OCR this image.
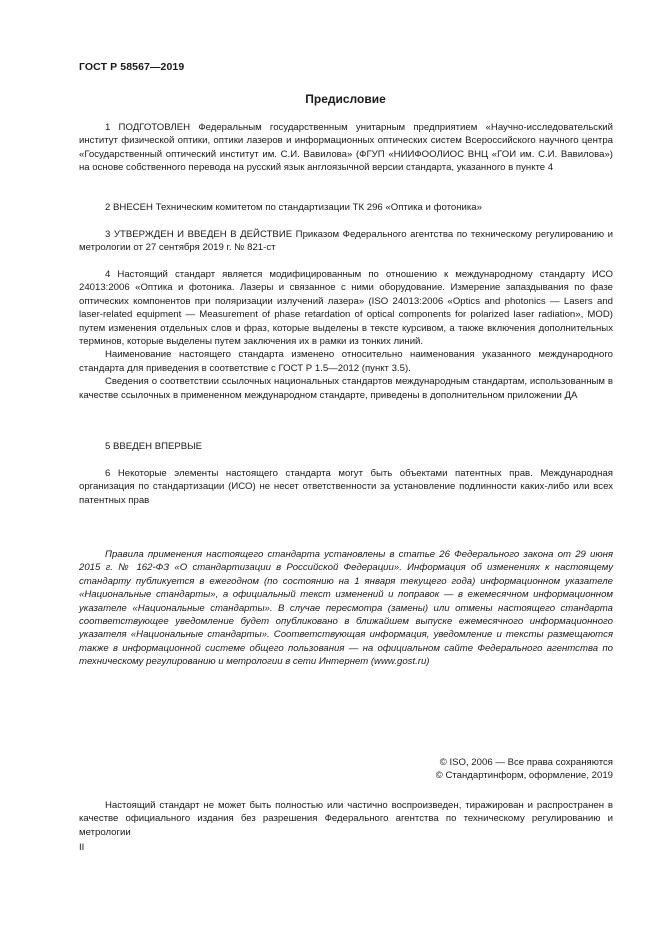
ГОСТ Р 58567—2019
Предисловие

1 ПОДГОТОВЛЕН Федеральным государственным унитарным предприятием «Научно-исследовательский институт физической оптики, оптики лазеров и информационных оптических систем Всероссийского научного центра «Государственный оптический институт им. С.И. Вавилова» (ФГУП «НИИФООЛИОС ВНЦ «ГОИ им. С.И. Вавилова») на основе собственного перевода на русский язык англоязычной версии стандарта, указанного в пункте 4

2 ВНЕСЕН Техническим комитетом по стандартизации ТК 296 «Оптика и фотоника»

3 УТВЕРЖДЕН И ВВЕДЕН В ДЕЙСТВИЕ Приказом Федерального агентства по техническому регулированию и метрологии от 27 сентября 2019 г. № 821-ст

4 Настоящий стандарт является модифицированным по отношению к международному стандарту ИСО 24013:2006 «Оптика и фотоника. Лазеры и связанное с ними оборудование. Измерение запаздывания по фазе оптических компонентов при поляризации излучений лазера» (ISO 24013:2006 «Optics and photonics — Lasers and laser-related equipment — Measurement of phase retardation of optical components for polarized laser radiation», MOD) путем изменения отдельных слов и фраз, которые выделены в тексте курсивом, а также включения дополнительных терминов, которые выделены путем заключения их в рамки из тонких линий.

Наименование настоящего стандарта изменено относительно наименования указанного международного стандарта для приведения в соответствие с ГОСТ Р 1.5—2012 (пункт 3.5).

Сведения о соответствии ссылочных национальных стандартов международным стандартам, использованным в качестве ссылочных в примененном международном стандарте, приведены в дополнительном приложении ДА

5 ВВЕДЕН ВПЕРВЫЕ

6 Некоторые элементы настоящего стандарта могут быть объектами патентных прав. Международная организация по стандартизации (ИСО) не несет ответственности за установление подлинности каких-либо или всех патентных прав

Правила применения настоящего стандарта установлены в статье 26 Федерального закона от 29 июня 2015 г. № 162-ФЗ «О стандартизации в Российской Федерации». Информация об изменениях к настоящему стандарту публикуется в ежегодном (по состоянию на 1 января текущего года) информационном указателе «Национальные стандарты», а официальный текст изменений и поправок — в ежемесячном информационном указателе «Национальные стандарты». В случае пересмотра (замены) или отмены настоящего стандарта соответствующее уведомление будет опубликовано в ближайшем выпуске ежемесячного информационного указателя «Национальные стандарты». Соответствующая информация, уведомление и тексты размещаются также в информационной системе общего пользования — на официальном сайте Федерального агентства по техническому регулированию и метрологии в сети Интернет (www.gost.ru)

© ISO, 2006 — Все права сохраняются
© Стандартинформ, оформление, 2019

Настоящий стандарт не может быть полностью или частично воспроизведен, тиражирован и распространен в качестве официального издания без разрешения Федерального агентства по техническому регулированию и метрологии

II
